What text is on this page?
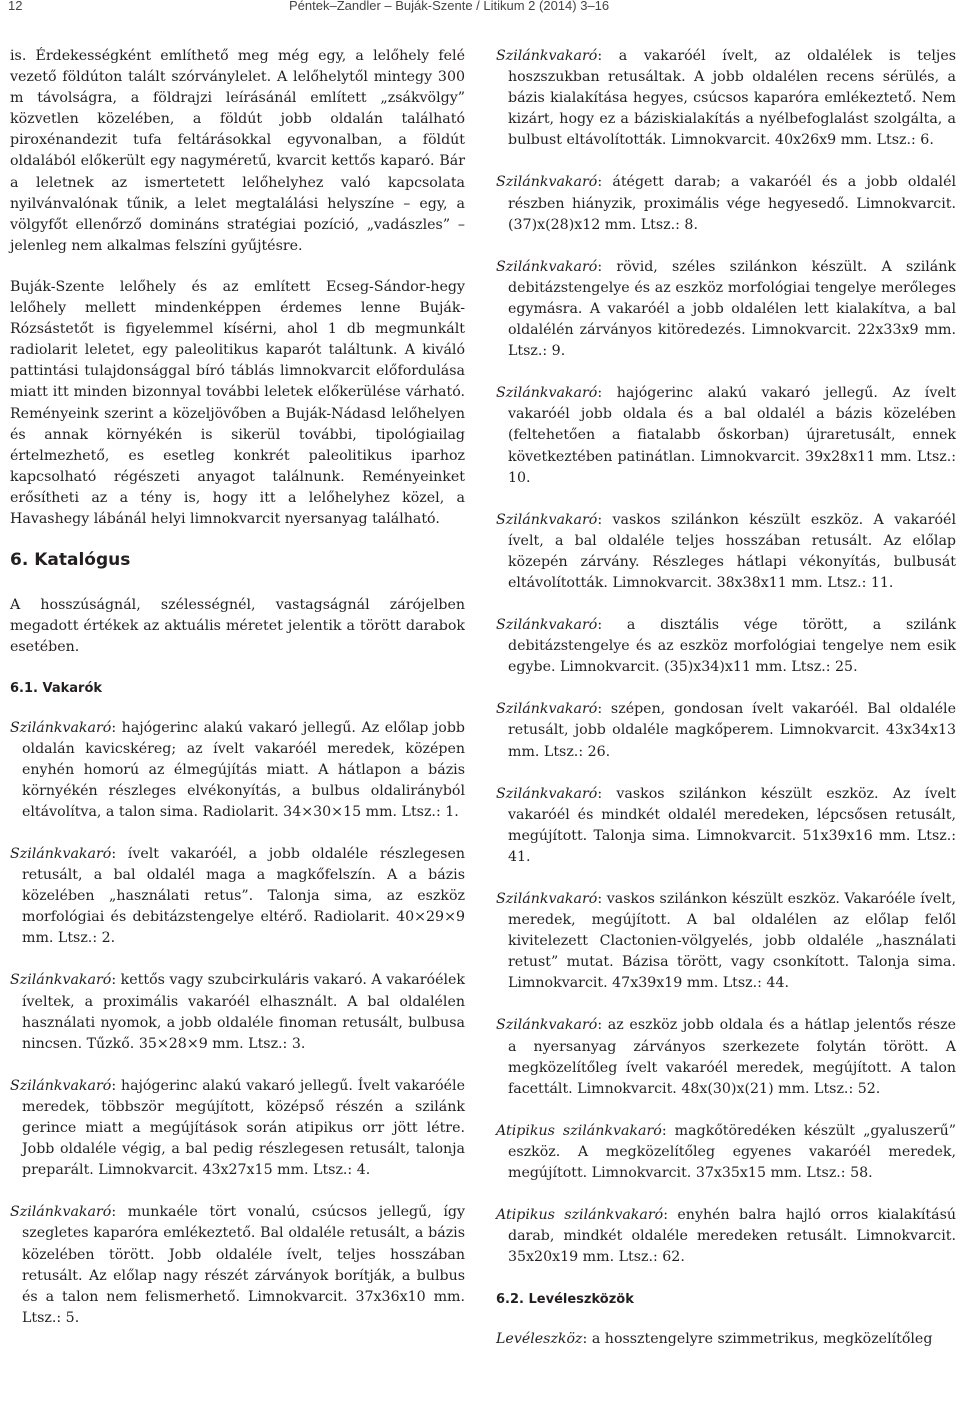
12	Péntek–Zandler – Buják-Szente / Litikum 2 (2014) 3–16

is. Érdekességként említhető meg még egy, a lelőhely felé vezető földúton talált szórványlelet. A lelőhelytől mintegy 300 m távolságra, a földrajzi leírásánál említett „zsákvölgy” közvetlen közelében, a földút jobb oldalán található piroxénandezit tufa feltárásokkal egyvonalban, a földút oldalából előkerült egy nagyméretű, kvarcit kettős kaparó. Bár a leletnek az ismertetett lelőhelyhez való kapcsolata nyilvánvalónak tűnik, a lelet megtalálási helyszíne – egy, a völgyfőt ellenőrző domináns stratégiai pozíció, „vadászles” – jelenleg nem alkalmas felszíni gyűjtésre.

Buják-Szente lelőhely és az említett Ecseg-Sándor-hegy lelőhely mellett mindenképpen érdemes lenne Buják-Rózsástetőt is figyelemmel kísérni, ahol 1 db megmunkált radiolarit leletet, egy paleolitikus kaparót találtunk. A kiváló pattintási tulajdonsággal bíró táblás limnokvarcit előfordulása miatt itt minden bizonnyal további leletek előkerülése várható. Reményeink szerint a közeljövőben a Buják-Nádasd lelőhelyen és annak környékén is sikerül további, tipológiailag értelmezhető, es esetleg konkrét paleolitikus iparhoz kapcsolható régészeti anyagot találnunk. Reményeinket erősítheti az a tény is, hogy itt a lelőhelyhez közel, a Havashegy lábánál helyi limnokvarcit nyersanyag található.

6. Katalógus

A hosszúságnál, szélességnél, vastagságnál zárójelben megadott értékek az aktuális méretet jelentik a törött darabok esetében.

6.1. Vakarók

Szilánkvakaró: hajógerinc alakú vakaró jellegű. Az előlap jobb oldalán kavicskéreg; az ívelt vakaróél meredek, középen enyhén homorú az élmegújítás miatt. A hátlapon a bázis környékén részleges elvékonyítás, a bulbus oldalirányból eltávolítva, a talon sima. Radiolarit. 34×30×15 mm. Ltsz.: 1.

Szilánkvakaró: ívelt vakaróél, a jobb oldaléle részlegesen retusált, a bal oldalél maga a magkőfelszín. A a bázis közelében „használati retus”. Talonja sima, az eszköz morfológiai és debitázstengelye eltérő. Radiolarit. 40×29×9 mm. Ltsz.: 2.

Szilánkvakaró: kettős vagy szubcirkuláris vakaró. A vakaróélek íveltek, a proximális vakaróél elhasznált. A bal oldalélen használati nyomok, a jobb oldaléle finoman retusált, bulbusa nincsen. Tűzkő. 35×28×9 mm. Ltsz.: 3.

Szilánkvakaró: hajógerinc alakú vakaró jellegű. Ívelt vakaróéle meredek, többször megújított, középső részén a szilánk gerince miatt a megújítások során atipikus orr jött létre. Jobb oldaléle végig, a bal pedig részlegesen retusált, talonja preparált. Limnokvarcit. 43x27x15 mm. Ltsz.: 4.

Szilánkvakaró: munkaéle tört vonalú, csúcsos jellegű, így szegletes kaparóra emlékeztető. Bal oldaléle retusált, a bázis közelében törött. Jobb oldaléle ívelt, teljes hosszában retusált. Az előlap nagy részét zárványok borítják, a bulbus és a talon nem felismerhető. Limnokvarcit. 37x36x10 mm. Ltsz.: 5.

Szilánkvakaró: a vakaróél ívelt, az oldalélek is teljes hoszszukban retusáltak. A jobb oldalélen recens sérülés, a bázis kialakítása hegyes, csúcsos kaparóra emlékeztető. Nem kizárt, hogy ez a báziskialakítás a nyélbefoglalást szolgálta, a bulbust eltávolították. Limnokvarcit. 40x26x9 mm. Ltsz.: 6.

Szilánkvakaró: átégett darab; a vakaróél és a jobb oldalél részben hiányzik, proximális vége hegyesedő. Limnokvarcit. (37)x(28)x12 mm. Ltsz.: 8.

Szilánkvakaró: rövid, széles szilánkon készült. A szilánk debitázstengelye és az eszköz morfológiai tengelye merőleges egymásra. A vakaróél a jobb oldalélen lett kialakítva, a bal oldalélén zárványos kitöredezés. Limnokvarcit. 22x33x9 mm. Ltsz.: 9.

Szilánkvakaró: hajógerinc alakú vakaró jellegű. Az ívelt vakaróél jobb oldala és a bal oldalél a bázis közelében (feltehetően a fiatalabb őskorban) újraretusált, ennek következtében patinátlan. Limnokvarcit. 39x28x11 mm. Ltsz.: 10.

Szilánkvakaró: vaskos szilánkon készült eszköz. A vakaróél ívelt, a bal oldaléle teljes hosszában retusált. Az előlap közepén zárvány. Részleges hátlapi vékonyítás, bulbusát eltávolították. Limnokvarcit. 38x38x11 mm. Ltsz.: 11.

Szilánkvakaró: a disztális vége törött, a szilánk debitázstengelye és az eszköz morfológiai tengelye nem esik egybe. Limnokvarcit. (35)x34)x11 mm. Ltsz.: 25.

Szilánkvakaró: szépen, gondosan ívelt vakaróél. Bal oldaléle retusált, jobb oldaléle magkőperem. Limnokvarcit. 43x34x13 mm. Ltsz.: 26.

Szilánkvakaró: vaskos szilánkon készült eszköz. Az ívelt vakaróél és mindkét oldalél meredeken, lépcsősen retusált, megújított. Talonja sima. Limnokvarcit. 51x39x16 mm. Ltsz.: 41.

Szilánkvakaró: vaskos szilánkon készült eszköz. Vakaróéle ívelt, meredek, megújított. A bal oldalélen az előlap felől kivitelezett Clactonien-völgyelés, jobb oldaléle „használati retust” mutat. Bázisa törött, vagy csonkított. Talonja sima. Limnokvarcit. 47x39x19 mm. Ltsz.: 44.

Szilánkvakaró: az eszköz jobb oldala és a hátlap jelentős része a nyersanyag zárványos szerkezete folytán törött. A megközelítőleg ívelt vakaróél meredek, megújított. A talon facettált. Limnokvarcit. 48x(30)x(21) mm. Ltsz.: 52.

Atipikus szilánkvakaró: magkőtöredéken készült „gyaluszerű” eszköz. A megközelítőleg egyenes vakaróél meredek, megújított. Limnokvarcit. 37x35x15 mm. Ltsz.: 58.

Atipikus szilánkvakaró: enyhén balra hajló orros kialakítású darab, mindkét oldaléle meredeken retusált. Limnokvarcit. 35x20x19 mm. Ltsz.: 62.

6.2. Levéleszközök

Levéleszköz: a hossztengelyre szimmetrikus, megközelítőleg
